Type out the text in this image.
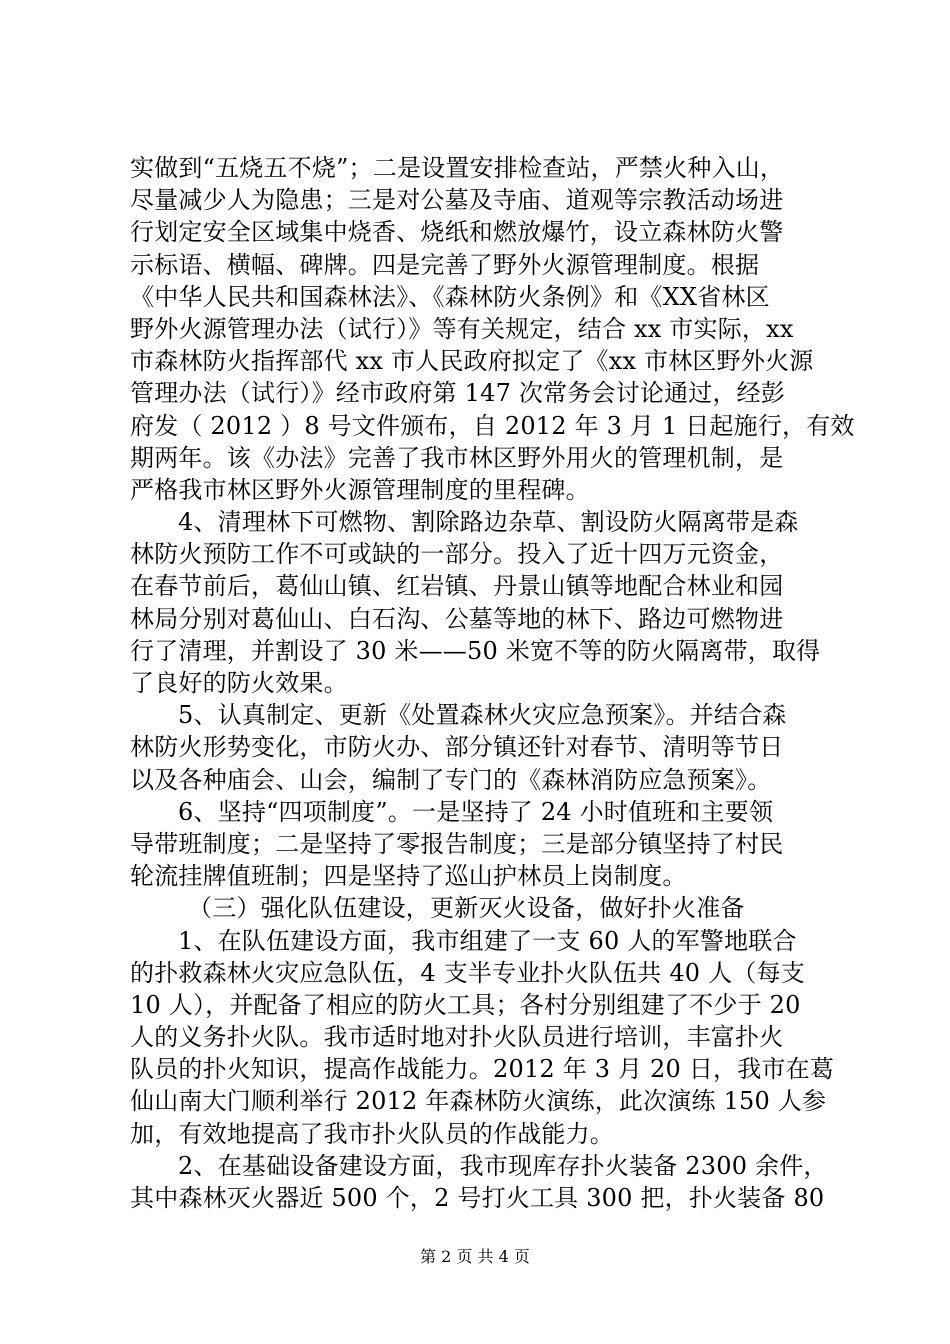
实做到“五烧五不烧”；二是设置安排检查站，严禁火种入山，
尽量减少人为隐患；三是对公墓及寺庙、道观等宗教活动场进
行划定安全区域集中烧香、烧纸和燃放爆竹，设立森林防火警
示标语、横幅、碑牌。四是完善了野外火源管理制度。根据
《中华人民共和国森林法》、《森林防火条例》和《XX省林区
野外火源管理办法（试行）》等有关规定，结合 xx 市实际，xx
市森林防火指挥部代 xx 市人民政府拟定了《xx 市林区野外火源
管理办法（试行）》经市政府第 147 次常务会讨论通过，经彭
府发（ 2012 ）8 号文件颁布，自 2012 年 3 月 1 日起施行，有效
期两年。该《办法》完善了我市林区野外用火的管理机制，是
严格我市林区野外火源管理制度的里程碑。
4、清理林下可燃物、割除路边杂草、割设防火隔离带是森
林防火预防工作不可或缺的一部分。投入了近十四万元资金，
在春节前后，葛仙山镇、红岩镇、丹景山镇等地配合林业和园
林局分别对葛仙山、白石沟、公墓等地的林下、路边可燃物进
行了清理，并割设了 30 米——50 米宽不等的防火隔离带，取得
了良好的防火效果。
5、认真制定、更新《处置森林火灾应急预案》。并结合森
林防火形势变化，市防火办、部分镇还针对春节、清明等节日
以及各种庙会、山会，编制了专门的《森林消防应急预案》。
6、坚持“四项制度”。一是坚持了 24 小时值班和主要领
导带班制度；二是坚持了零报告制度；三是部分镇坚持了村民
轮流挂牌值班制；四是坚持了巡山护林员上岗制度。
（三）强化队伍建设，更新灭火设备，做好扑火准备
1、在队伍建设方面，我市组建了一支 60 人的军警地联合
的扑救森林火灾应急队伍，4 支半专业扑火队伍共 40 人（每支
10 人），并配备了相应的防火工具；各村分别组建了不少于 20
人的义务扑火队。我市适时地对扑火队员进行培训，丰富扑火
队员的扑火知识，提高作战能力。2012 年 3 月 20 日，我市在葛
仙山南大门顺利举行 2012 年森林防火演练，此次演练 150 人参
加，有效地提高了我市扑火队员的作战能力。
2、在基础设备建设方面，我市现库存扑火装备 2300 余件，
其中森林灭火器近 500 个，2 号打火工具 300 把，扑火装备 80
第 2 页 共 4 页
